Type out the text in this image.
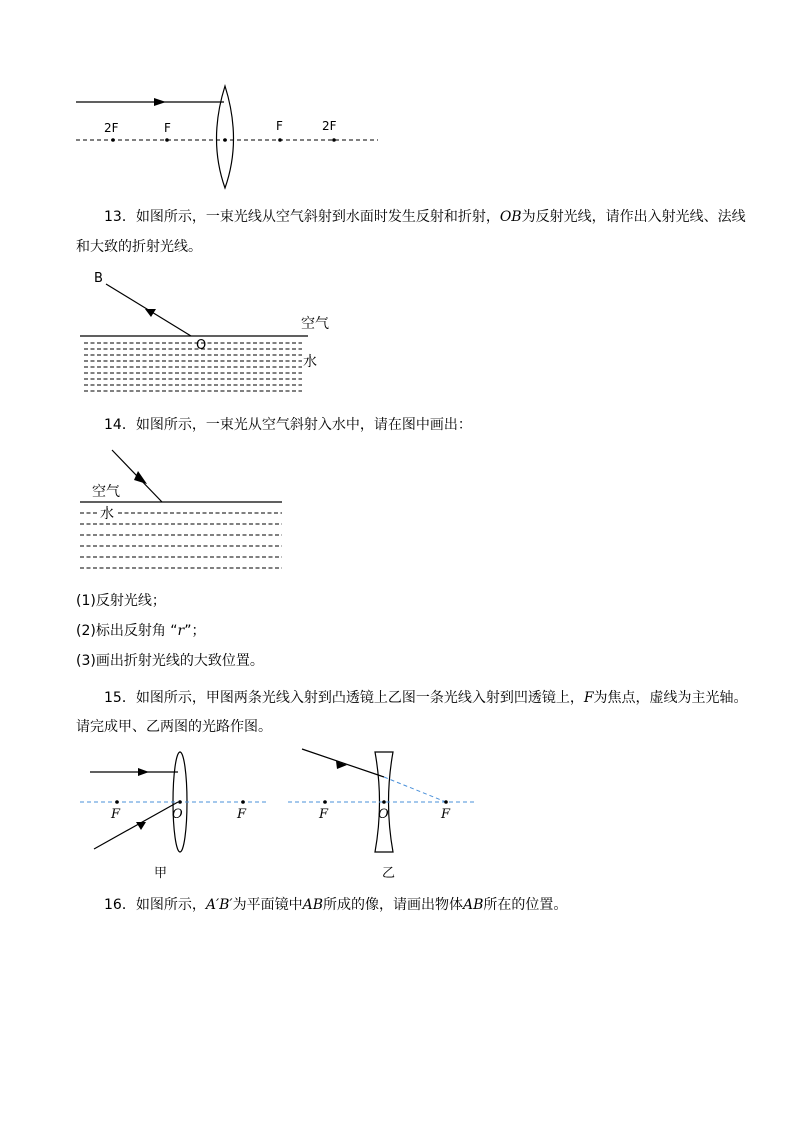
2F	F	F	2F
13．如图所示，一束光线从空气斜射到水面时发生反射和折射，OB为反射光线，请作出入射光线、法线
和大致的折射光线。
B
O
空气
水
14．如图所示，一束光从空气斜射入水中，请在图中画出：
空气
水
(1)反射光线；
(2)标出反射角 “r”；
(3)画出折射光线的大致位置。
15．如图所示，甲图两条光线入射到凸透镜上乙图一条光线入射到凹透镜上，F为焦点，虚线为主光轴。
请完成甲、乙两图的光路作图。
F	O	F
甲
F	O	F
乙
16．如图所示，A′B′为平面镜中AB所成的像，请画出物体AB所在的位置。
